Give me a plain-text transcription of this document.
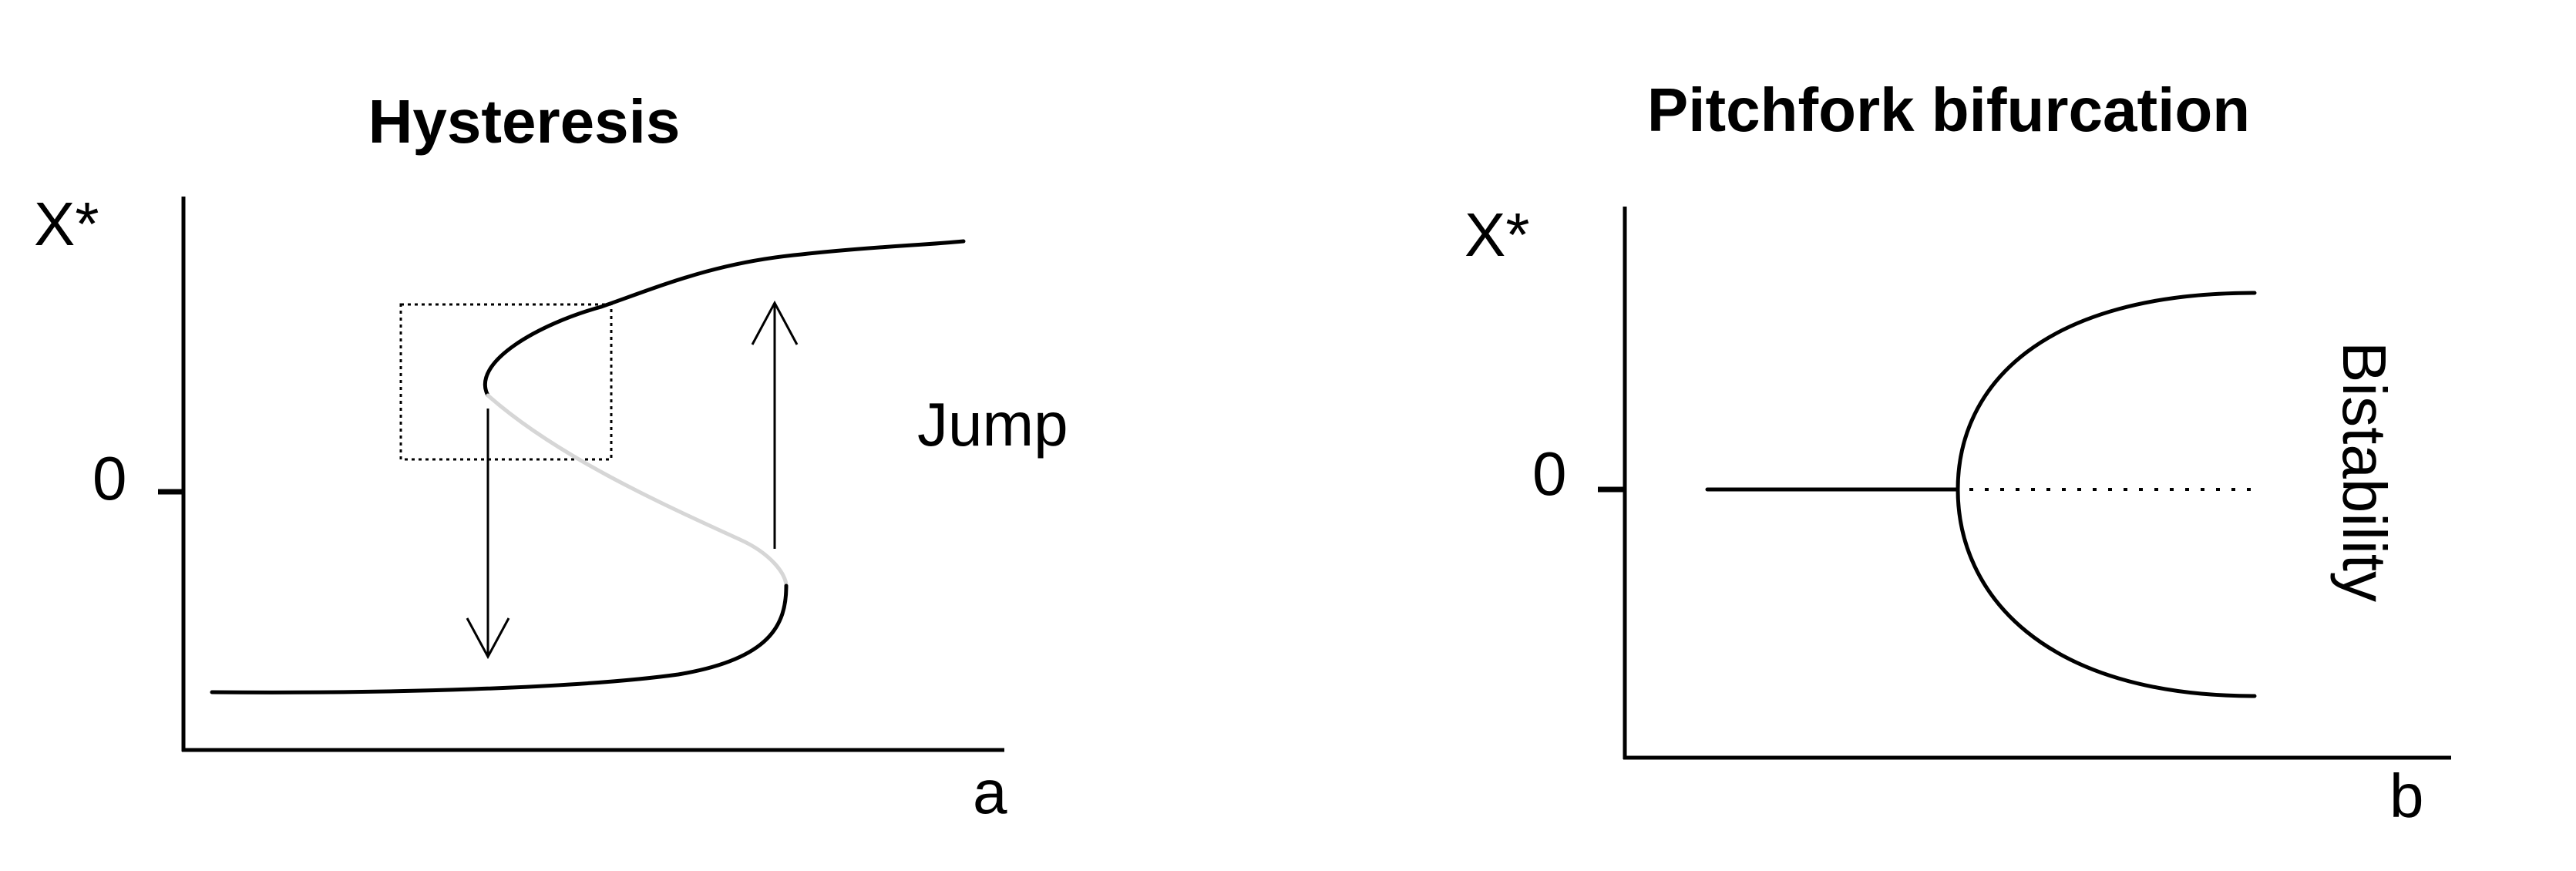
Hysteresis
X*
0
a
Jump
Pitchfork bifurcation
X*
0
b
Bistability
